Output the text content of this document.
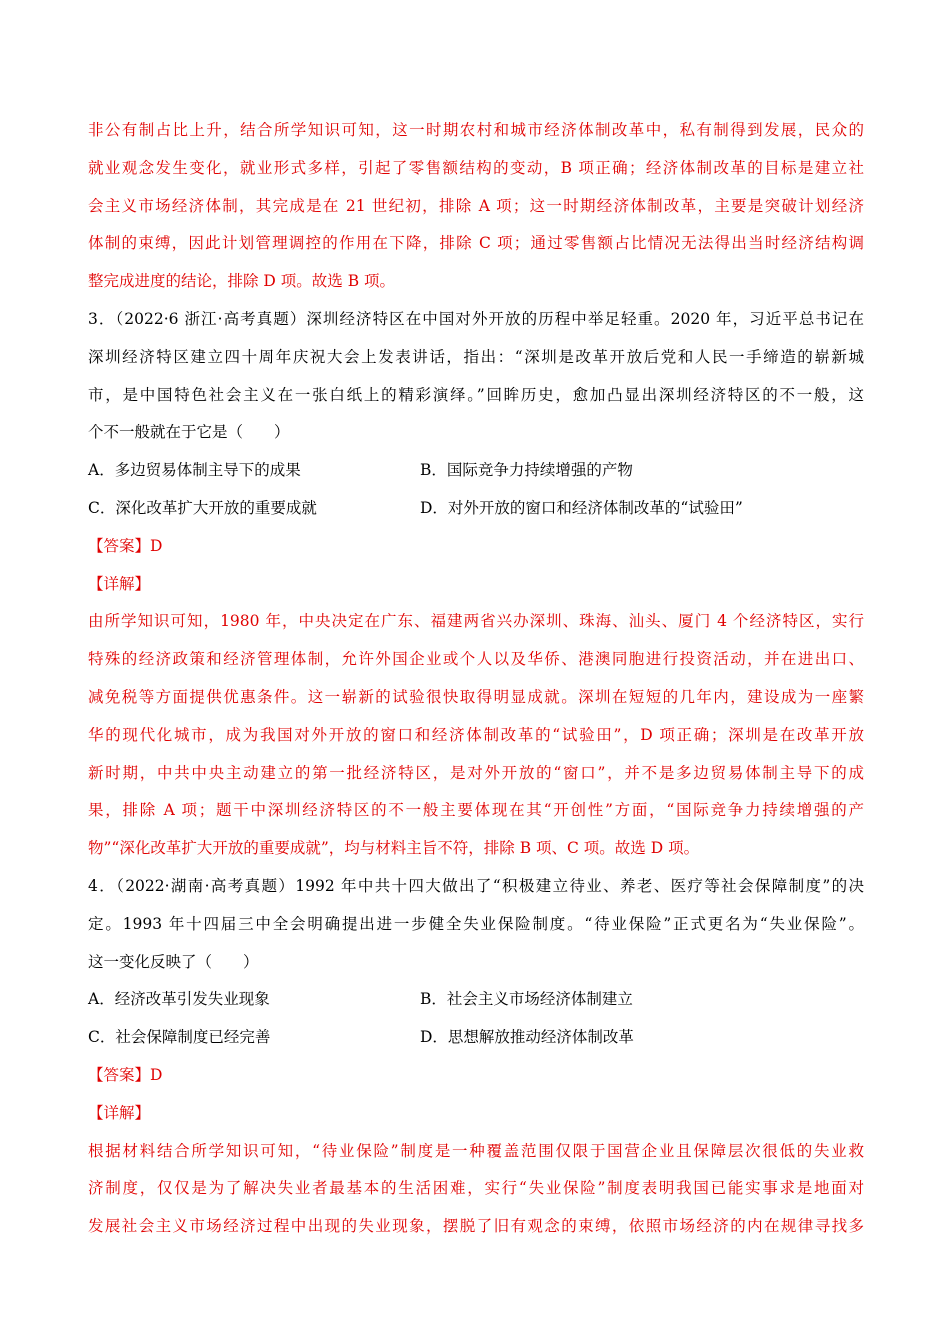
非公有制占比上升，结合所学知识可知，这一时期农村和城市经济体制改革中，私有制得到发展，民众的
就业观念发生变化，就业形式多样，引起了零售额结构的变动，B 项正确；经济体制改革的目标是建立社
会主义市场经济体制，其完成是在 21 世纪初，排除 A 项；这一时期经济体制改革，主要是突破计划经济
体制的束缚，因此计划管理调控的作用在下降，排除 C 项；通过零售额占比情况无法得出当时经济结构调
整完成进度的结论，排除 D 项。故选 B 项。
3．（2022·6 浙江·高考真题）深圳经济特区在中国对外开放的历程中举足轻重。2020 年，习近平总书记在
深圳经济特区建立四十周年庆祝大会上发表讲话，指出：“深圳是改革开放后党和人民一手缔造的崭新城
市，是中国特色社会主义在一张白纸上的精彩演绎。”回眸历史，愈加凸显出深圳经济特区的不一般，这
个不一般就在于它是（　　）
A．多边贸易体制主导下的成果	B．国际竞争力持续增强的产物
C．深化改革扩大开放的重要成就	D．对外开放的窗口和经济体制改革的“试验田”
【答案】D
【详解】
由所学知识可知，1980 年，中央决定在广东、福建两省兴办深圳、珠海、汕头、厦门 4 个经济特区，实行
特殊的经济政策和经济管理体制，允许外国企业或个人以及华侨、港澳同胞进行投资活动，并在进出口、
减免税等方面提供优惠条件。这一崭新的试验很快取得明显成就。深圳在短短的几年内，建设成为一座繁
华的现代化城市，成为我国对外开放的窗口和经济体制改革的“试验田”，D 项正确；深圳是在改革开放
新时期，中共中央主动建立的第一批经济特区，是对外开放的“窗口”，并不是多边贸易体制主导下的成
果，排除 A 项；题干中深圳经济特区的不一般主要体现在其“开创性”方面，“国际竞争力持续增强的产
物”“深化改革扩大开放的重要成就”，均与材料主旨不符，排除 B 项、C 项。故选 D 项。
4．（2022·湖南·高考真题）1992 年中共十四大做出了“积极建立待业、养老、医疗等社会保障制度”的决
定。1993 年十四届三中全会明确提出进一步健全失业保险制度。“待业保险”正式更名为“失业保险”。
这一变化反映了（　　）
A．经济改革引发失业现象	B．社会主义市场经济体制建立
C．社会保障制度已经完善	D．思想解放推动经济体制改革
【答案】D
【详解】
根据材料结合所学知识可知，“待业保险”制度是一种覆盖范围仅限于国营企业且保障层次很低的失业救
济制度，仅仅是为了解决失业者最基本的生活困难，实行“失业保险”制度表明我国已能实事求是地面对
发展社会主义市场经济过程中出现的失业现象，摆脱了旧有观念的束缚，依照市场经济的内在规律寻找多
